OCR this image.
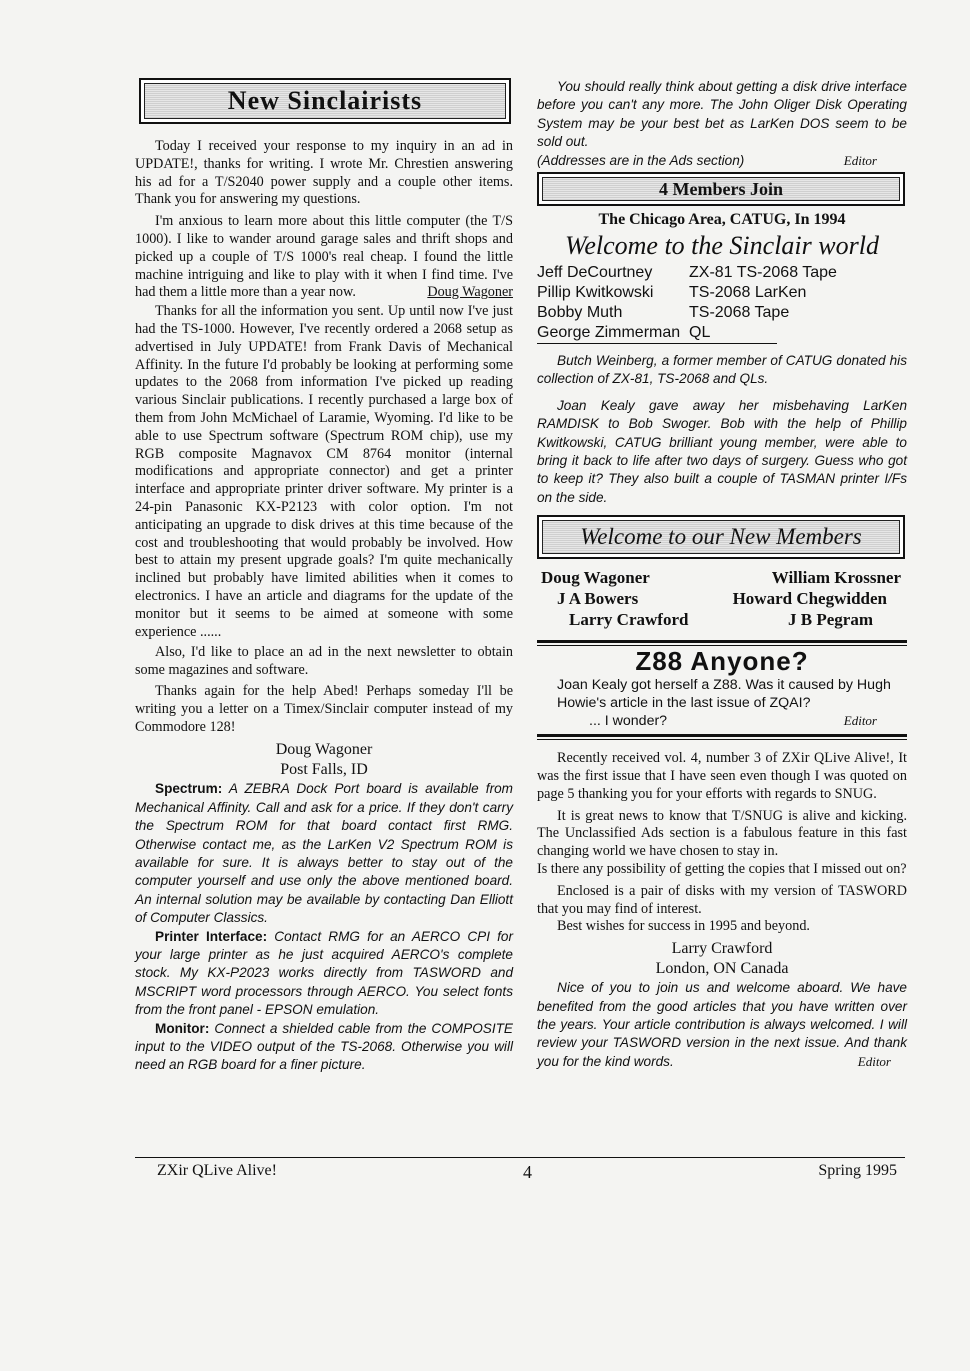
New Sinclairists

Today I received your response to my inquiry in an ad in UPDATE!, thanks for writing. I wrote Mr. Chrestien answering his ad for a T/S2040 power supply and a couple other items. Thank you for answering my questions.

I'm anxious to learn more about this little computer (the T/S 1000). I like to wander around garage sales and thrift shops and picked up a couple of T/S 1000's real cheap. I found the little machine intriguing and like to play with it when I find time. I've had them a little more than a year now.	Doug Wagoner

Thanks for all the information you sent. Up until now I've just had the TS-1000. However, I've recently ordered a 2068 setup as advertised in July UPDATE! from Frank Davis of Mechanical Affinity. In the future I'd probably be looking at performing some updates to the 2068 from information I've picked up reading various Sinclair publications. I recently purchased a large box of them from John McMichael of Laramie, Wyoming. I'd like to be able to use Spectrum software (Spectrum ROM chip), use my RGB composite Magnavox CM 8764 monitor (internal modifications and appropriate connector) and get a printer interface and appropriate printer driver software. My printer is a 24-pin Panasonic KX-P2123 with color option. I'm not anticipating an upgrade to disk drives at this time because of the cost and troubleshooting that would probably be involved. How best to attain my present upgrade goals? I'm quite mechanically inclined but probably have limited abilities when it comes to electronics. I have an article and diagrams for the update of the monitor but it seems to be aimed at someone with some experience ......

Also, I'd like to place an ad in the next newsletter to obtain some magazines and software.

Thanks again for the help Abed! Perhaps someday I'll be writing you a letter on a Timex/Sinclair computer instead of my Commodore 128!

Doug Wagoner
Post Falls, ID

Spectrum: A ZEBRA Dock Port board is available from Mechanical Affinity. Call and ask for a price. If they don't carry the Spectrum ROM for that board contact first RMG. Otherwise contact me, as the LarKen V2 Spectrum ROM is available for sure. It is always better to stay out of the computer yourself and use only the above mentioned board. An internal solution may be available by contacting Dan Elliott of Computer Classics.

Printer Interface: Contact RMG for an AERCO CPI for your large printer as he just acquired AERCO's complete stock. My KX-P2023 works directly from TASWORD and MSCRIPT word processors through AERCO. You select fonts from the front panel - EPSON emulation.

Monitor: Connect a shielded cable from the COMPOSITE input to the VIDEO output of the TS-2068. Otherwise you will need an RGB board for a finer picture.

You should really think about getting a disk drive interface before you can't any more. The John Oliger Disk Operating System may be your best bet as LarKen DOS seem to be sold out.

(Addresses are in the Ads section)	Editor
4 Members Join
The Chicago Area, CATUG, In 1994
Welcome to the Sinclair world
Jeff DeCourtney	ZX-81 TS-2068 Tape
Pillip Kwitkowski	TS-2068 LarKen
Bobby Muth	TS-2068 Tape
George Zimmerman QL

Butch Weinberg, a former member of CATUG donated his collection of ZX-81, TS-2068 and QLs.

Joan Kealy gave away her misbehaving LarKen RAMDISK to Bob Swoger. Bob with the help of Phillip Kwitkowski, CATUG brilliant young member, were able to bring it back to life after two days of surgery. Guess who got to keep it? They also built a couple of TASMAN printer I/Fs on the side.

Welcome to our New Members
Doug Wagoner	William Krossner
J A Bowers	Howard Chegwidden
Larry Crawford	J B Pegram
Z88 Anyone?

Joan Kealy got herself a Z88. Was it caused by Hugh Howie's article in the last issue of ZQAI?

... I wonder?	Editor

Recently received vol. 4, number 3 of ZXir QLive Alive!, It was the first issue that I have seen even though I was quoted on page 5 thanking you for your efforts with regards to SNUG.

It is great news to know that T/SNUG is alive and kicking. The Unclassified Ads section is a fabulous feature in this fast changing world we have chosen to stay in.

Is there any possibility of getting the copies that I missed out on?

Enclosed is a pair of disks with my version of TASWORD that you may find of interest.

Best wishes for success in 1995 and beyond.

Larry Crawford
London, ON Canada

Nice of you to join us and welcome aboard. We have benefited from the good articles that you have written over the years. Your article contribution is always welcomed. I will review your TASWORD version in the next issue. And thank you for the kind words.	Editor

ZXir QLive Alive!	4	Spring 1995
